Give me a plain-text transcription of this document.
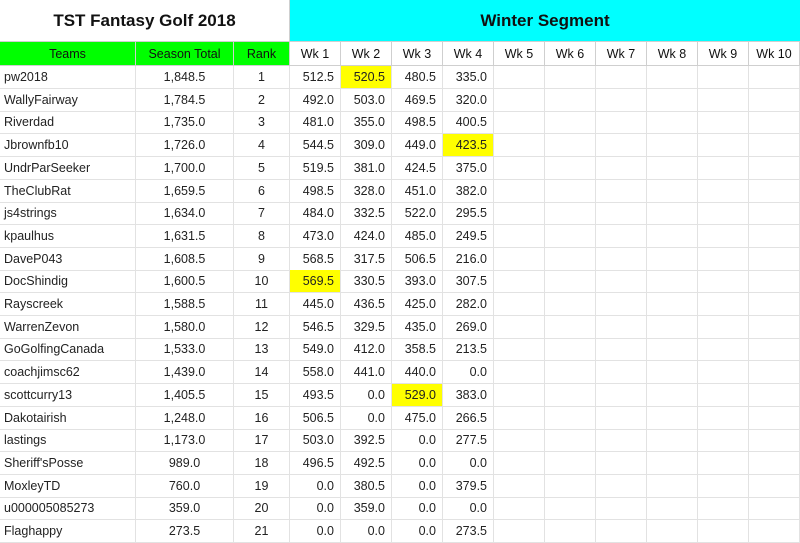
TST Fantasy Golf 2018	Winter Segment
Teams	Season Total	Rank	Wk 1	Wk 2	Wk 3	Wk 4	Wk 5	Wk 6	Wk 7	Wk 8	Wk 9	Wk 10
pw2018	1,848.5	1	512.5	520.5	480.5	335.0
WallyFairway	1,784.5	2	492.0	503.0	469.5	320.0
Riverdad	1,735.0	3	481.0	355.0	498.5	400.5
Jbrownfb10	1,726.0	4	544.5	309.0	449.0	423.5
UndrParSeeker	1,700.0	5	519.5	381.0	424.5	375.0
TheClubRat	1,659.5	6	498.5	328.0	451.0	382.0
js4strings	1,634.0	7	484.0	332.5	522.0	295.5
kpaulhus	1,631.5	8	473.0	424.0	485.0	249.5
DaveP043	1,608.5	9	568.5	317.5	506.5	216.0
DocShindig	1,600.5	10	569.5	330.5	393.0	307.5
Rayscreek	1,588.5	11	445.0	436.5	425.0	282.0
WarrenZevon	1,580.0	12	546.5	329.5	435.0	269.0
GoGolfingCanada	1,533.0	13	549.0	412.0	358.5	213.5
coachjimsc62	1,439.0	14	558.0	441.0	440.0	0.0
scottcurry13	1,405.5	15	493.5	0.0	529.0	383.0
Dakotairish	1,248.0	16	506.5	0.0	475.0	266.5
lastings	1,173.0	17	503.0	392.5	0.0	277.5
Sheriff'sPosse	989.0	18	496.5	492.5	0.0	0.0
MoxleyTD	760.0	19	0.0	380.5	0.0	379.5
u000005085273	359.0	20	0.0	359.0	0.0	0.0
Flaghappy	273.5	21	0.0	0.0	0.0	273.5
